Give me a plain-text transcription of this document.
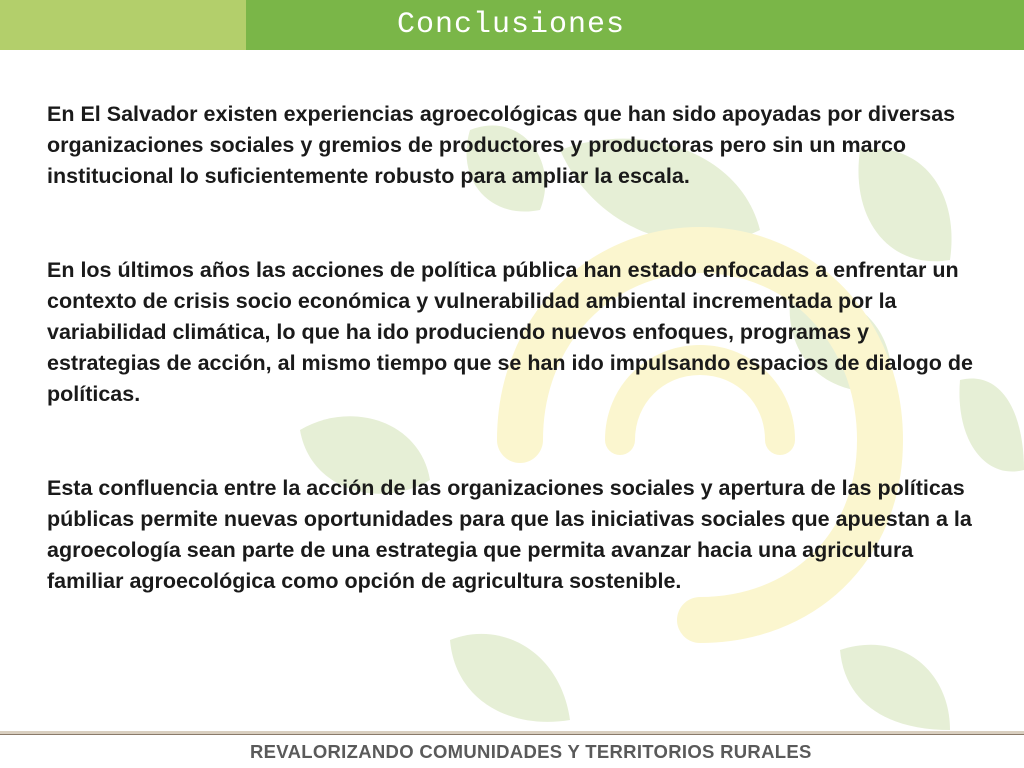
Conclusiones

En El Salvador existen experiencias agroecológicas que han sido apoyadas por diversas organizaciones sociales y gremios de productores y productoras pero sin un marco institucional lo suficientemente robusto para ampliar la escala.

En los últimos años las acciones de política pública han estado enfocadas a enfrentar un contexto de crisis socio económica y vulnerabilidad ambiental incrementada por la variabilidad climática, lo que ha ido produciendo nuevos enfoques, programas y estrategias de acción, al mismo tiempo que se han ido impulsando espacios de dialogo de políticas.

Esta confluencia entre la acción de las organizaciones sociales y apertura de las políticas públicas permite nuevas oportunidades para que las iniciativas sociales que apuestan a la agroecología sean parte de una estrategia que permita avanzar hacia una agricultura familiar agroecológica como opción de agricultura sostenible.

REVALORIZANDO COMUNIDADES Y TERRITORIOS RURALES
